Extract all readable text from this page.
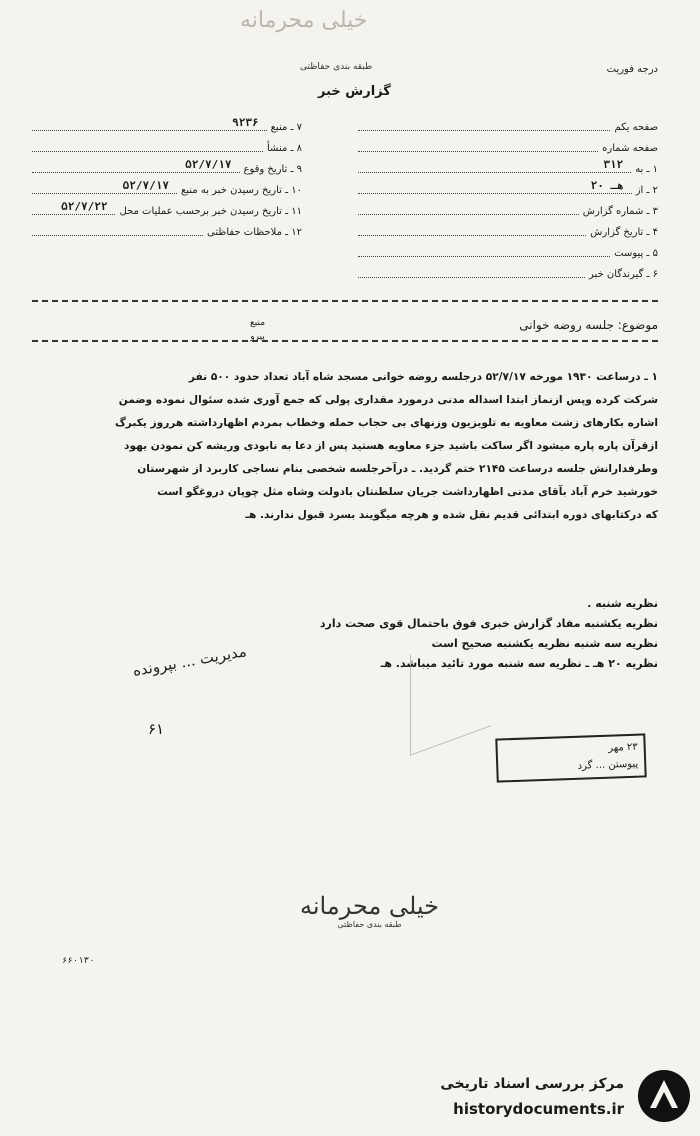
خیلی محرمانه
طبقه بندی حفاظتی
گزارش خبر
درجه فوریت
صفحه یکم
صفحه شماره
۱ ـ به
۳۱۲
۲ ـ از
۲۰ هـ
۳ ـ شماره گزارش
۴ ـ تاریخ گزارش
۵ ـ پیوست
۶ ـ گیرندگان خبر
۷ ـ منبع
۹۲۳۶
۸ ـ منشأ
۹ ـ تاریخ وقوع
۵۲/۷/۱۷
۱۰ ـ تاریخ رسیدن خبر به منبع
۵۲/۷/۱۷
۱۱ ـ تاریخ رسیدن خبر برحسب عملیات محل
۵۲/۷/۲۲
۱۲ ـ ملاحظات حفاظتی
موضوع: جلسه روضه خوانی
منبع
پیرو

۱ ـ درساعت ۱۹۳۰ مورخه ۵۲/۷/۱۷ درجلسه روضه خوانی مسجد شاه آباد تعداد حدود ۵۰۰ نفر

شرکت کرده وپس ازنماز ابتدا اسداله مدنی درمورد مقداری پولی که جمع آوری شده سئوال نموده وضمن

اشاره بکارهای زشت معاویه به تلویزیون وزنهای بی حجاب حمله وخطاب بمردم اظهارداشته هرروز یکبرگ

ازقرآن پاره پاره میشود اگر ساکت باشید جزء معاویه هستید پس از دعا به نابودی وریشه کن نمودن یهود

وطرفدارانش جلسه درساعت ۲۱۴۵ ختم گردید. ـ درآخرجلسه شخصی بنام نساجی کاربرد از شهرستان

خورشید خرم آباد بآقای مدنی اظهارداشت جریان سلطنتان بادولت وشاه مثل چوپان دروغگو است

که درکتابهای دوره ابتدائی قدیم نقل شده و هرچه میگویند بسرد قبول ندارند. هـ

نظریه شنبه .

نظریه یکشنبه مفاد گزارش خبری فوق باحتمال قوی صحت دارد

نظریه سه شنبه نظریه یکشنبه صحیح است

نظریه ۲۰ هـ ـ نظریه سه شنبه مورد تائید میباشد. هـ

مدیریت ... بپرونده
۶۱
۲۳ مهر
پیوستن ... گرد
خیلی محرمانه
طبقه بندی حفاظتی
۶۶۰۱۳۰
مرکز بررسی اسناد تاریخی
historydocuments.ir
